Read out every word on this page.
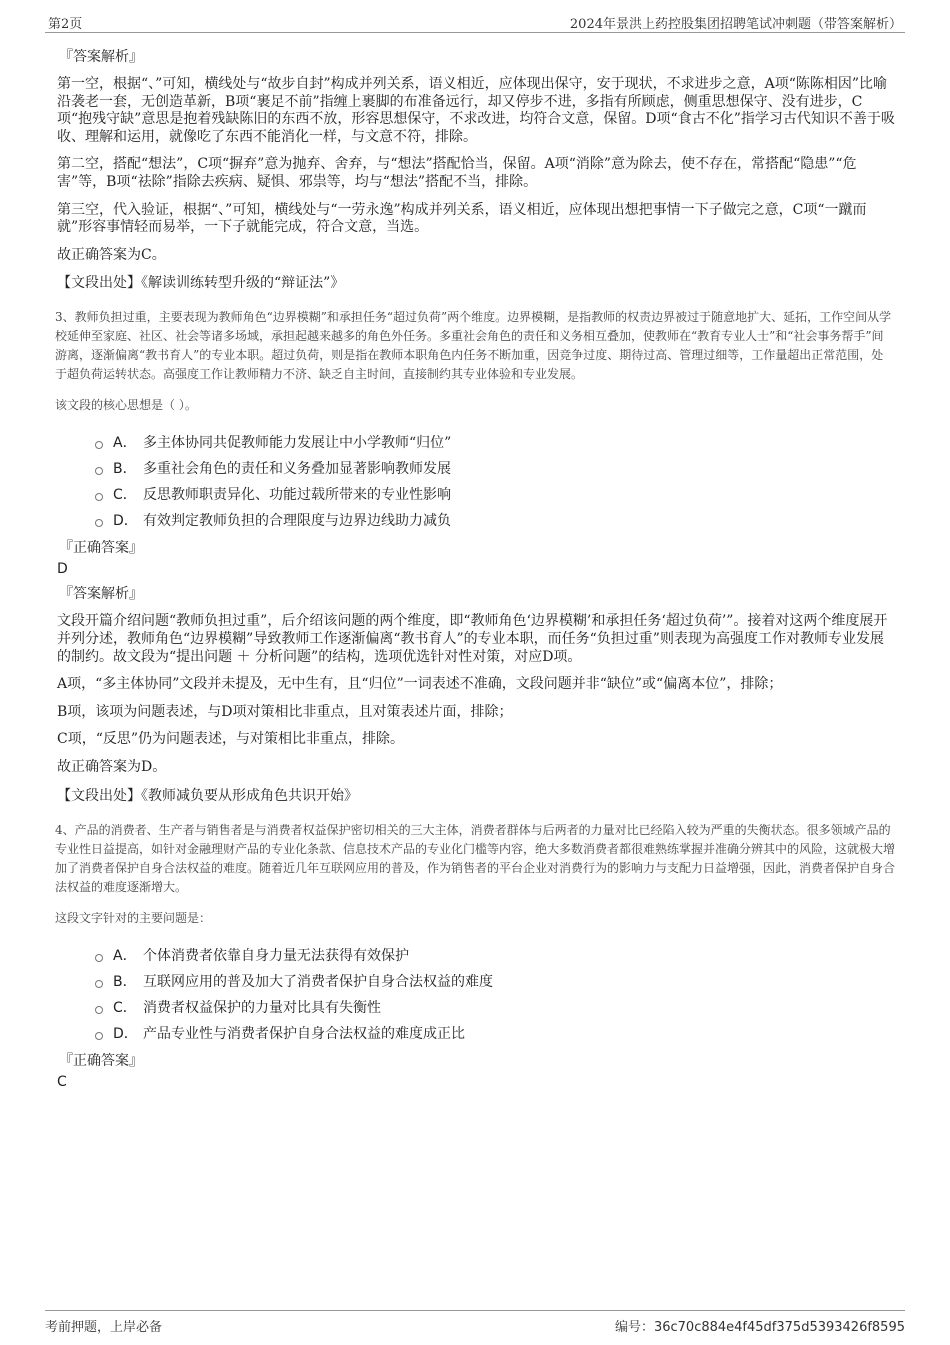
第2页	2024年景洪上药控股集团招聘笔试冲刺题（带答案解析）
『答案解析』

第一空，根据“、”可知，横线处与“故步自封”构成并列关系，语义相近，应体现出保守，安于现状，不求进步之意，A项“陈陈相因”比喻沿袭老一套，无创造革新，B项“裹足不前”指缠上裹脚的布准备远行，却又停步不进，多指有所顾虑，侧重思想保守、没有进步，C项“抱残守缺”意思是抱着残缺陈旧的东西不放，形容思想保守，不求改进，均符合文意，保留。D项“食古不化”指学习古代知识不善于吸收、理解和运用，就像吃了东西不能消化一样，与文意不符，排除。

第二空，搭配“想法”，C项“摒弃”意为抛弃、舍弃，与“想法”搭配恰当，保留。A项“消除”意为除去，使不存在，常搭配“隐患”“危害”等，B项“祛除”指除去疾病、疑惧、邪祟等，均与“想法”搭配不当，排除。

第三空，代入验证，根据“、”可知，横线处与“一劳永逸”构成并列关系，语义相近，应体现出想把事情一下子做完之意，C项“一蹴而就”形容事情轻而易举，一下子就能完成，符合文意，当选。

故正确答案为C。

【文段出处】《解读训练转型升级的“辩证法”》

3、教师负担过重，主要表现为教师角色“边界模糊”和承担任务“超过负荷”两个维度。边界模糊，是指教师的权责边界被过于随意地扩大、延拓，工作空间从学校延伸至家庭、社区、社会等诸多场域，承担起越来越多的角色外任务。多重社会角色的责任和义务相互叠加，使教师在“教育专业人士”和“社会事务帮手”间游离，逐渐偏离“教书育人”的专业本职。超过负荷，则是指在教师本职角色内任务不断加重，因竞争过度、期待过高、管理过细等，工作量超出正常范围，处于超负荷运转状态。高强度工作让教师精力不济、缺乏自主时间，直接制约其专业体验和专业发展。

该文段的核心思想是（ ）。

A． 多主体协同共促教师能力发展让中小学教师“归位”
B． 多重社会角色的责任和义务叠加显著影响教师发展
C． 反思教师职责异化、功能过载所带来的专业性影响
D． 有效判定教师负担的合理限度与边界边线助力减负
『正确答案』
D
『答案解析』

文段开篇介绍问题“教师负担过重”，后介绍该问题的两个维度，即“教师角色‘边界模糊’和承担任务‘超过负荷’”。接着对这两个维度展开并列分述，教师角色“边界模糊”导致教师工作逐渐偏离“教书育人”的专业本职，而任务“负担过重”则表现为高强度工作对教师专业发展的制约。故文段为“提出问题 ＋ 分析问题”的结构，选项优选针对性对策，对应D项。

A项，“多主体协同”文段并未提及，无中生有，且“归位”一词表述不准确，文段问题并非“缺位”或“偏离本位”，排除；

B项，该项为问题表述，与D项对策相比非重点，且对策表述片面，排除；

C项，“反思”仍为问题表述，与对策相比非重点，排除。

故正确答案为D。

【文段出处】《教师减负要从形成角色共识开始》

4、产品的消费者、生产者与销售者是与消费者权益保护密切相关的三大主体，消费者群体与后两者的力量对比已经陷入较为严重的失衡状态。很多领域产品的专业性日益提高，如针对金融理财产品的专业化条款、信息技术产品的专业化门槛等内容，绝大多数消费者都很难熟练掌握并准确分辨其中的风险，这就极大增加了消费者保护自身合法权益的难度。随着近几年互联网应用的普及，作为销售者的平台企业对消费行为的影响力与支配力日益增强，因此，消费者保护自身合法权益的难度逐渐增大。

这段文字针对的主要问题是：

A． 个体消费者依靠自身力量无法获得有效保护
B． 互联网应用的普及加大了消费者保护自身合法权益的难度
C． 消费者权益保护的力量对比具有失衡性
D． 产品专业性与消费者保护自身合法权益的难度成正比
『正确答案』
C
考前押题，上岸必备	编号：36c70c884e4f45df375d5393426f8595
